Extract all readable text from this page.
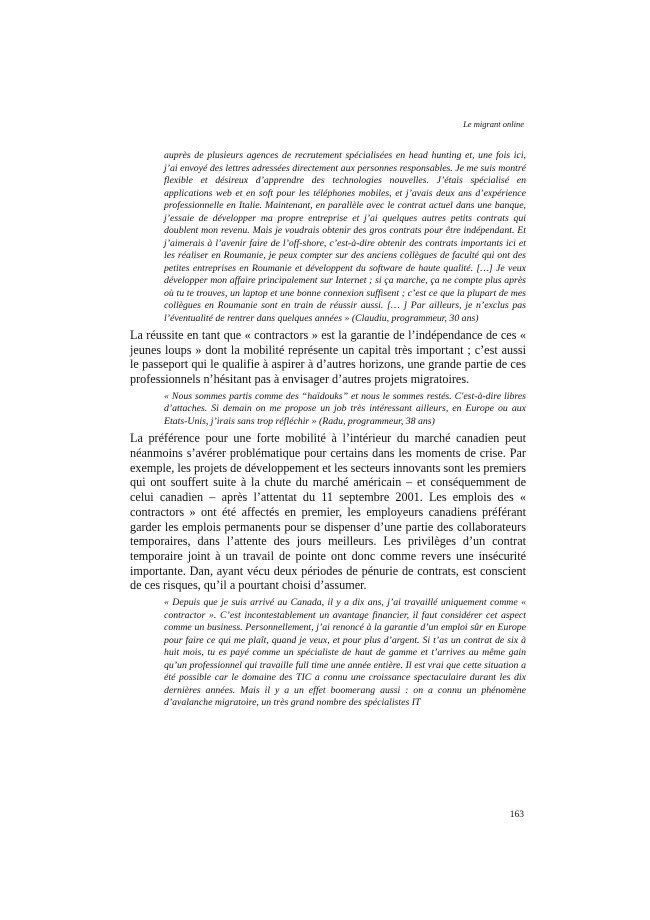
Le migrant online

auprès de plusieurs agences de recrutement spécialisées en head hunting et, une fois ici, j’ai envoyé des lettres adressées directement aux personnes responsables. Je me suis montré flexible et désireux d’apprendre des technologies nouvelles. J’étais spécialisé en applications web et en soft pour les téléphones mobiles, et j’avais deux ans d’expérience professionnelle en Italie. Maintenant, en parallèle avec le contrat actuel dans une banque, j’essaie de développer ma propre entreprise et j’ai quelques autres petits contrats qui doublent mon revenu. Mais je voudrais obtenir des gros contrats pour être indépendant. Et j’aimerais à l’avenir faire de l’off-shore, c’est-à-dire obtenir des contrats importants ici et les réaliser en Roumanie, je peux compter sur des anciens collègues de faculté qui ont des petites entreprises en Roumanie et développent du software de haute qualité. […] Je veux développer mon affaire principalement sur Internet ; si ça marche, ça ne compte plus après où tu te trouves, un laptop et une bonne connexion suffisent ; c’est ce que la plupart de mes collègues en Roumanie sont en train de réussir aussi. [… ] Par ailleurs, je n’exclus pas l’éventualité de rentrer dans quelques années » (Claudiu, programmeur, 30 ans)

La réussite en tant que « contractors » est la garantie de l’indépendance de ces « jeunes loups » dont la mobilité représente un capital très important ; c’est aussi le passeport qui le qualifie à aspirer à d’autres horizons, une grande partie de ces professionnels n’hésitant pas à envisager d’autres projets migratoires.

« Nous sommes partis comme des “haïdouks” et nous le sommes restés. C'est-à-dire libres d’attaches. Si demain on me propose un job très intéressant ailleurs, en Europe ou aux Etats-Unis, j’irais sans trop réfléchir » (Radu, programmeur, 38 ans)

La préférence pour une forte mobilité à l’intérieur du marché canadien peut néanmoins s’avérer problématique pour certains dans les moments de crise. Par exemple, les projets de développement et les secteurs innovants sont les premiers qui ont souffert suite à la chute du marché américain – et conséquemment de celui canadien – après l’attentat du 11 septembre 2001. Les emplois des « contractors » ont été affectés en premier, les employeurs canadiens préférant garder les emplois permanents pour se dispenser d’une partie des collaborateurs temporaires, dans l’attente des jours meilleurs. Les privilèges d’un contrat temporaire joint à un travail de pointe ont donc comme revers une insécurité importante. Dan, ayant vécu deux périodes de pénurie de contrats, est conscient de ces risques, qu’il a pourtant choisi d’assumer.

« Depuis que je suis arrivé au Canada, il y a dix ans, j’ai travaillé uniquement comme « contractor ». C’est incontestablement un avantage financier, il faut considérer cet aspect comme un business. Personnellement, j’ai renoncé à la garantie d’un emploi sûr en Europe pour faire ce qui me plaît, quand je veux, et pour plus d’argent. Si t’as un contrat de six à huit mois, tu es payé comme un spécialiste de haut de gamme et t’arrives au même gain qu’un professionnel qui travaille full time une année entière. Il est vrai que cette situation a été possible car le domaine des TIC a connu une croissance spectaculaire durant les dix dernières années. Mais il y a un effet boomerang aussi : on a connu un phénomène d’avalanche migratoire, un très grand nombre des spécialistes IT

163
